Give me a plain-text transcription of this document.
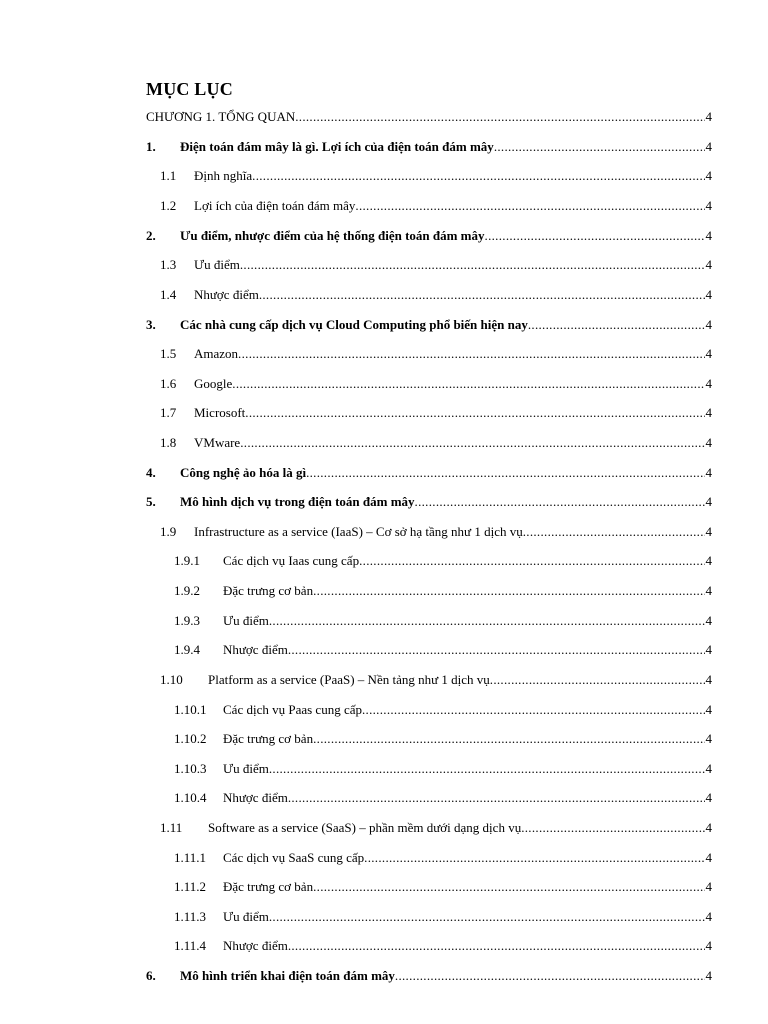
MỤC LỤC
CHƯƠNG 1. TỔNG QUAN .....	4
1.	Điện toán đám mây là gì. Lợi ích của điện toán đám mây .....	4
1.1	Định nghĩa .....	4
1.2	Lợi ích của điện toán đám mây .....	4
2.	Ưu điểm, nhược điểm của hệ thống điện toán đám mây .....	4
1.3	Ưu điểm .....	4
1.4	Nhược điểm .....	4
3.	Các nhà cung cấp dịch vụ Cloud Computing phổ biến hiện nay .....	4
1.5	Amazon .....	4
1.6	Google .....	4
1.7	Microsoft .....	4
1.8	VMware .....	4
4.	Công nghệ ảo hóa là gì .....	4
5.	Mô hình dịch vụ trong điện toán đám mây .....	4
1.9	Infrastructure as a service (IaaS) – Cơ sở hạ tầng như 1 dịch vụ .....	4
1.9.1	Các dịch vụ Iaas cung cấp .....	4
1.9.2	Đặc trưng cơ bản .....	4
1.9.3	Ưu điểm .....	4
1.9.4	Nhược điểm .....	4
1.10	Platform as a service (PaaS) – Nền tảng như 1 dịch vụ .....	4
1.10.1	Các dịch vụ Paas cung cấp .....	4
1.10.2	Đặc trưng cơ bản .....	4
1.10.3	Ưu điểm .....	4
1.10.4	Nhược điểm .....	4
1.11	Software as a service (SaaS) – phần mềm dưới dạng dịch vụ .....	4
1.11.1	Các dịch vụ SaaS cung cấp .....	4
1.11.2	Đặc trưng cơ bản .....	4
1.11.3	Ưu điểm .....	4
1.11.4	Nhược điểm .....	4
6.	Mô hình triển khai điện toán đám mây .....	4
